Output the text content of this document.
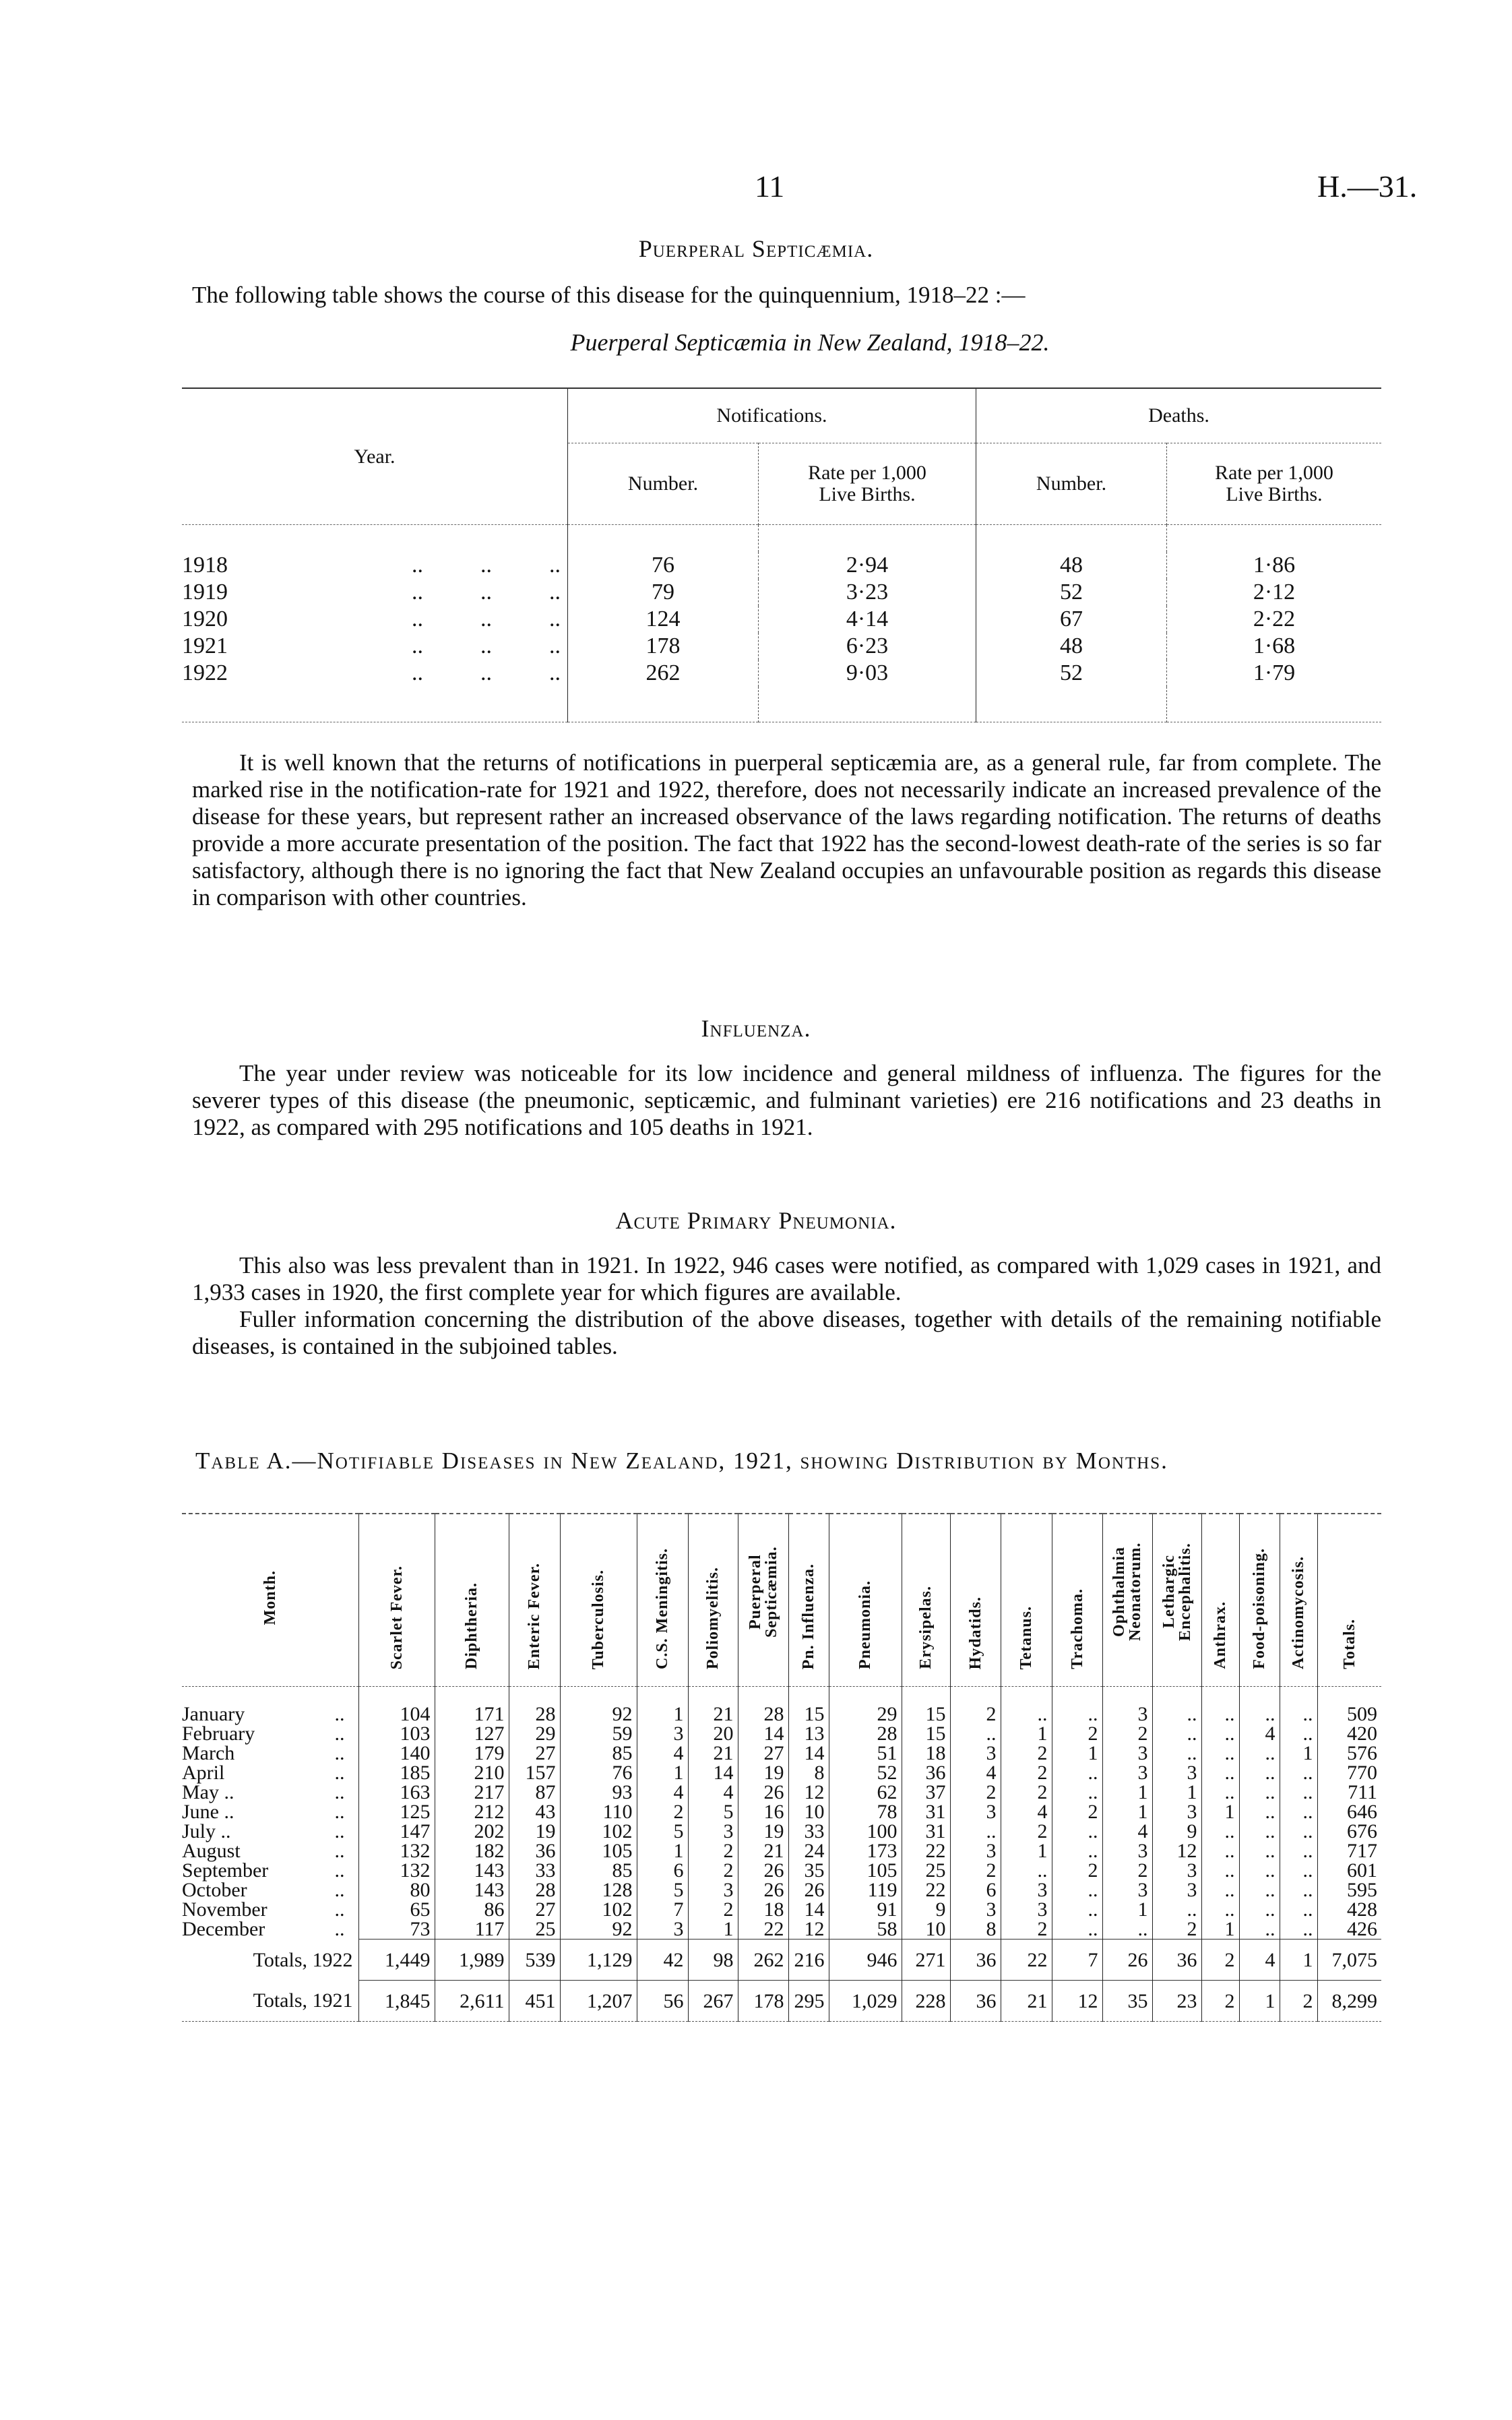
11	H.—31.
Puerperal Septicæmia.
The following table shows the course of this disease for the quinquennium, 1918–22 :—
Puerperal Septicæmia in New Zealand, 1918–22.
Year.	Notifications.		Deaths.	
	Number.	Rate per 1,000
Live Births.	Number.	Rate per 1,000
Live Births.

1918 ..          ..          ..	76	2·94	48	1·86
1919 ..          ..          ..	79	3·23	52	2·12
1920 ..          ..          ..	124	4·14	67	2·22
1921 ..          ..          ..	178	6·23	48	1·68
1922 ..          ..          ..	262	9·03	52	1·79

It is well known that the returns of notifications in puerperal septicæmia are, as a general rule, far from complete. The marked rise in the notification-rate for 1921 and 1922, therefore, does not necessarily indicate an increased prevalence of the disease for these years, but represent rather an increased observance of the laws regarding notification. The returns of deaths provide a more accurate presentation of the position. The fact that 1922 has the second-lowest death-rate of the series is so far satisfactory, although there is no ignoring the fact that New Zealand occupies an unfavourable position as regards this disease in comparison with other countries.
Influenza.
The year under review was noticeable for its low incidence and general mildness of influenza. The figures for the severer types of this disease (the pneumonic, septicæmic, and fulminant varieties) ere 216 notifications and 23 deaths in 1922, as compared with 295 notifications and 105 deaths in 1921.
Acute Primary Pneumonia.
This also was less prevalent than in 1921. In 1922, 946 cases were notified, as compared with 1,029 cases in 1921, and 1,933 cases in 1920, the first complete year for which figures are available.
Fuller information concerning the distribution of the above diseases, together with details of the remaining notifiable diseases, is contained in the subjoined tables.
Table A.—Notifiable Diseases in New Zealand, 1921, showing Distribution by Months.
Month.	Scarlet Fever.	Diphtheria.	Enteric Fever.	Tuberculosis.	C.S. Meningitis.	Poliomyelitis.	Puerperal Septicæmia.	Pn. Influenza.	Pneumonia.	Erysipelas.	Hydatids.	Tetanus.	Trachoma.	Ophthalmia Neonatorum.	Lethargic Encephalitis.	Anthrax.	Food-poisoning.	Actinomycosis.	Totals.

January ..	104	171	28	92	1	21	28	15	29	15	2	..	..	3	..	..	..	..	509
February ..	103	127	29	59	3	20	14	13	28	15	..	1	2	2	..	..	4	..	420
March ..	140	179	27	85	4	21	27	14	51	18	3	2	1	3	..	..	..	1	576
April ..	185	210	157	76	1	14	19	8	52	36	4	2	..	3	3	..	..	..	770
May .. ..	163	217	87	93	4	4	26	12	62	37	2	2	..	1	1	..	..	..	711
June .. ..	125	212	43	110	2	5	16	10	78	31	3	4	2	1	3	1	..	..	646
July .. ..	147	202	19	102	5	3	19	33	100	31	..	2	..	4	9	..	..	..	676
August ..	132	182	36	105	1	2	21	24	173	22	3	1	..	3	12	..	..	..	717
September ..	132	143	33	85	6	2	26	35	105	25	2	..	2	2	3	..	..	..	601
October ..	80	143	28	128	5	3	26	26	119	22	6	3	..	3	3	..	..	..	595
November ..	65	86	27	102	7	2	18	14	91	9	3	3	..	1	..	..	..	..	428
December ..	73	117	25	92	3	1	22	12	58	10	8	2	..	..	2	1	..	..	426
Totals, 1922	1,449	1,989	539	1,129	42	98	262	216	946	271	36	22	7	26	36	2	4	1	7,075
Totals, 1921	1,845	2,611	451	1,207	56	267	178	295	1,029	228	36	21	12	35	23	2	1	2	8,299
